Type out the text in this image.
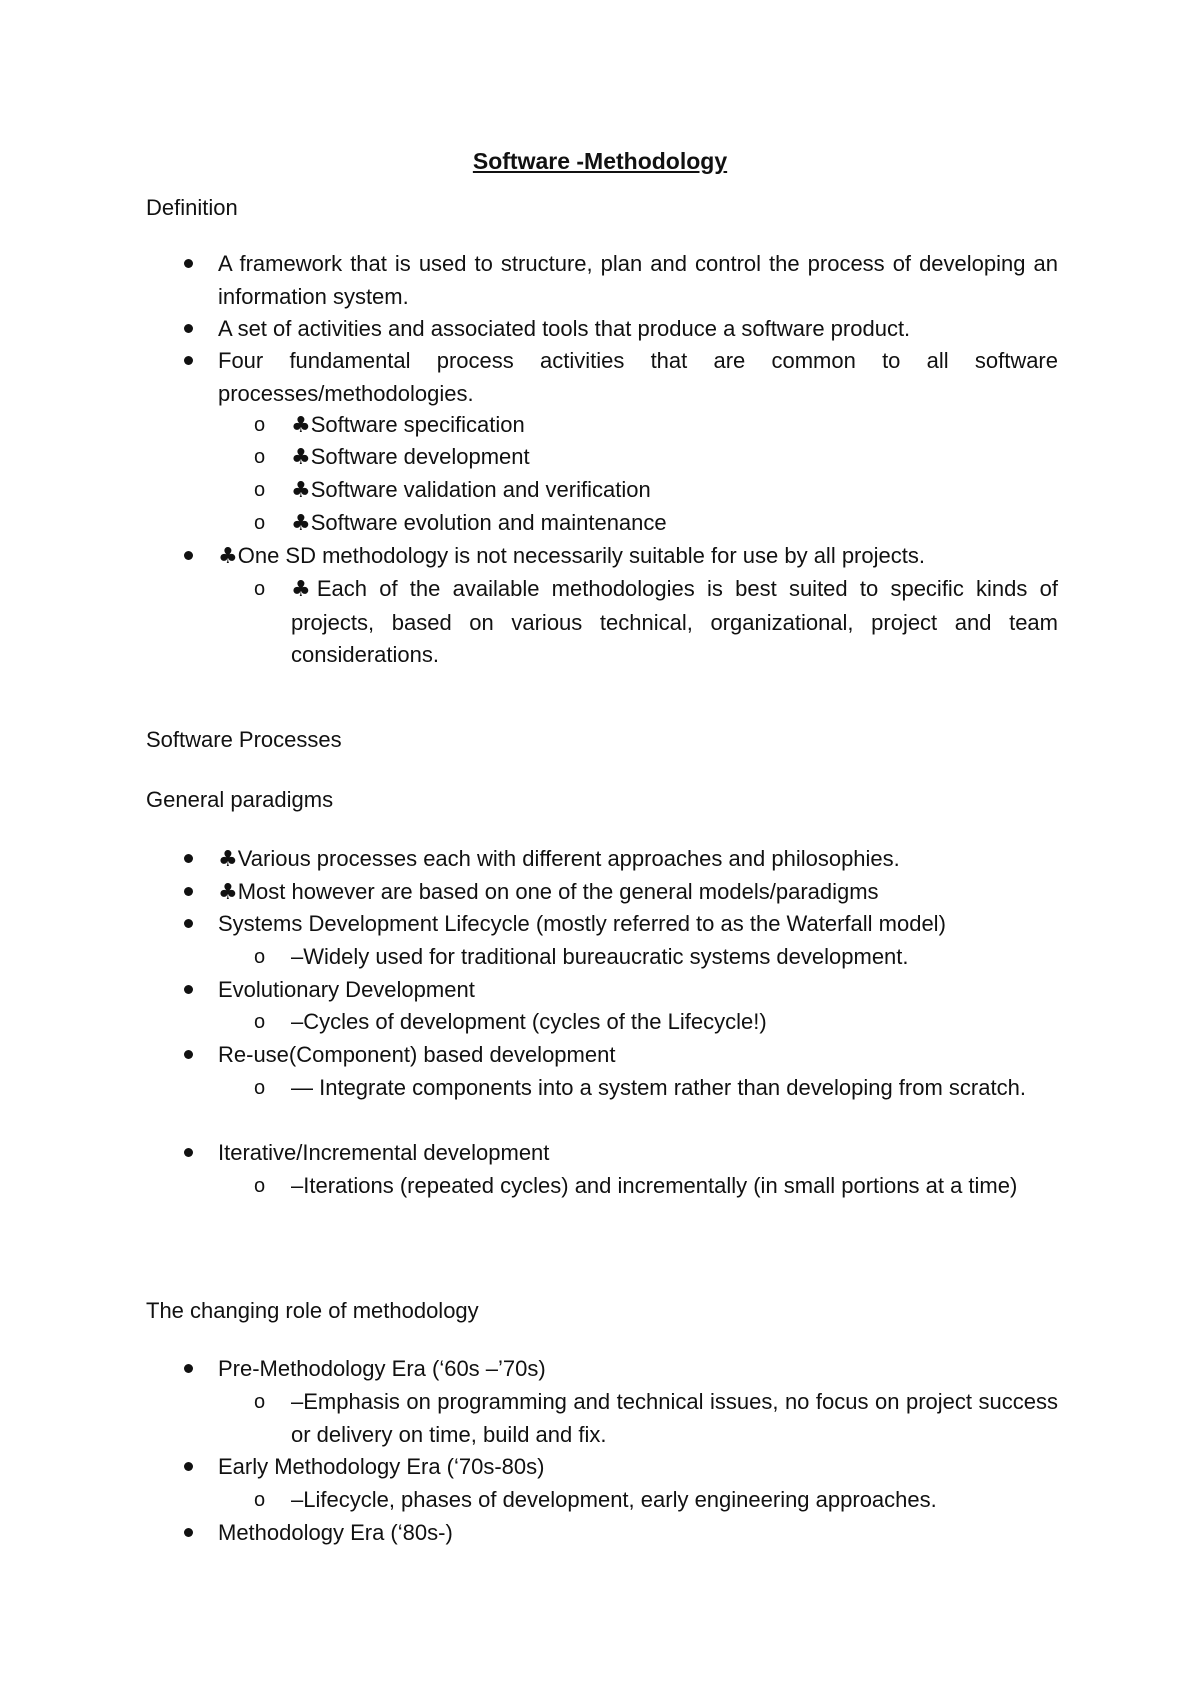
Software -Methodology
Definition
A framework that is used to structure, plan and control the process of developing an information system.
A set of activities and associated tools that produce a software product.
Four fundamental process activities that are common to all software processes/methodologies.
o ♣Software specification
o ♣Software development
o ♣Software validation and verification
o ♣Software evolution and maintenance
♣One SD methodology is not necessarily suitable for use by all projects.
o ♣Each of the available methodologies is best suited to specific kinds of projects, based on various technical, organizational, project and team considerations.
Software Processes
General paradigms
♣Various processes each with different approaches and philosophies.
♣Most however are based on one of the general models/paradigms
Systems Development Lifecycle (mostly referred to as the Waterfall model)
o –Widely used for traditional bureaucratic systems development.
Evolutionary Development
o –Cycles of development (cycles of the Lifecycle!)
Re-use(Component) based development
o — Integrate components into a system rather than developing from scratch.
Iterative/Incremental development
o –Iterations (repeated cycles) and incrementally (in small portions at a time)
The changing role of methodology
Pre-Methodology Era (‘60s –’70s)
o –Emphasis on programming and technical issues, no focus on project success or delivery on time, build and fix.
Early Methodology Era (‘70s-80s)
o –Lifecycle, phases of development, early engineering approaches.
Methodology Era (‘80s-)
